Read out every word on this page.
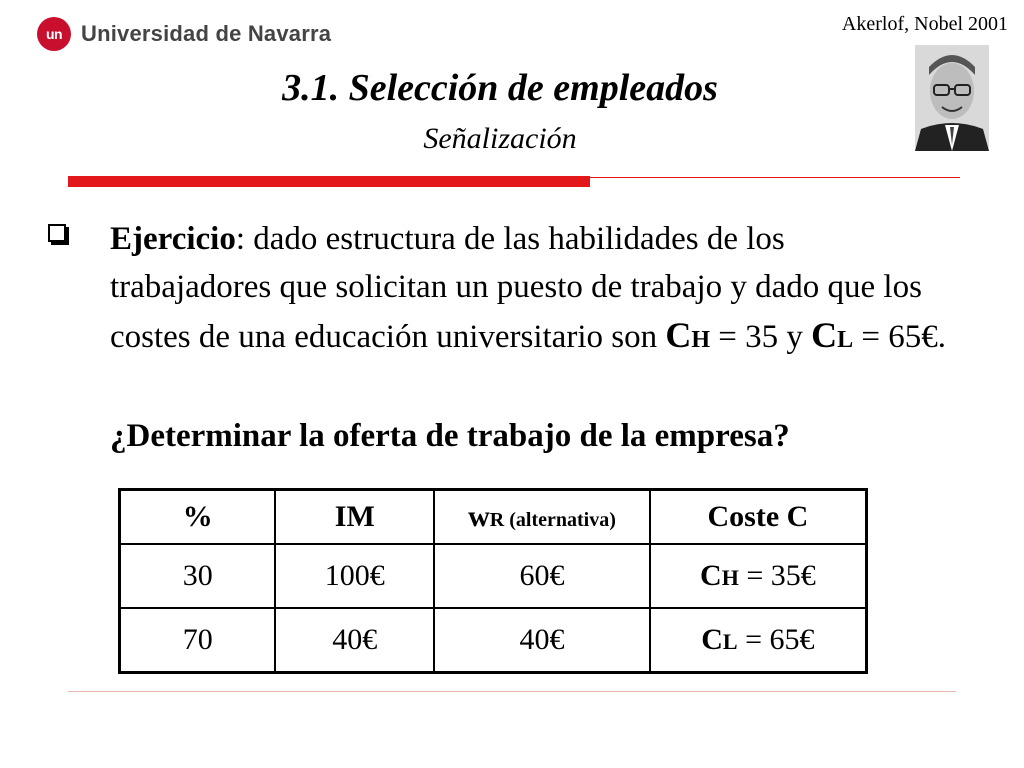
un Universidad de Navarra	Akerlof, Nobel 2001
3.1. Selección de empleados
Señalización
Ejercicio: dado estructura de las habilidades de los trabajadores que solicitan un puesto de trabajo y dado que los costes de una educación universitario son CH = 35 y CL = 65€.
¿Determinar la oferta de trabajo de la empresa?
%	IM	wR (alternativa)	Coste C
30	100€	60€	CH = 35€
70	40€	40€	CL = 65€
